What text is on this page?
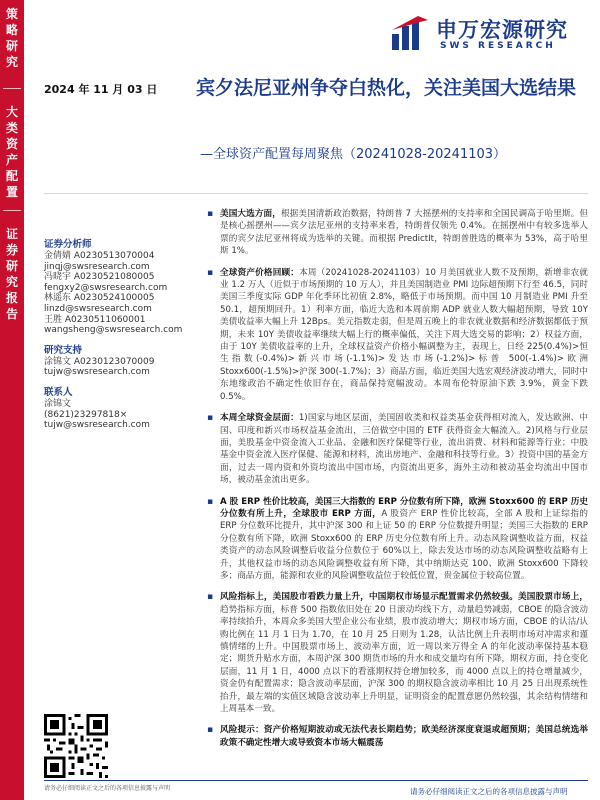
策略研究
大类资产配置
证券研究报告
申万宏源研究
SWS RESEARCH
2024 年 11 月 03 日 宾夕法尼亚州争夺白热化，关注美国大选结果
—全球资产配置每周聚焦（20241028-20241103）
证券分析师
金倩婧 A0230513070004
jinqj@swsresearch.com
冯晓宇 A0230521080005
fengxy2@swsresearch.com
林遥东 A0230524100005
linzd@swsresearch.com
王胜 A0230511060001
wangsheng@swsresearch.com
研究支持
涂锦文 A0230123070009
tujw@swsresearch.com
联系人
涂锦文
(8621)23297818×
tujw@swsresearch.com
▪ 美国大选方面，根据美国清新政治数据，特朗普 7 大摇摆州的支持率和全国民调高于哈里斯。但是核心摇摆州——宾夕法尼亚州的支持率来看，特朗普仅领先 0.4%。在摇摆州中有较多选举人票的宾夕法尼亚州将成为选举的关键。而根据 PredictIt，特朗普胜选的概率为 53%，高于哈里斯 1%。
▪ 全球资产价格回顾：本周（20241028-20241103）10 月美国就业人数不及预期，新增非农就业 1.2 万人（近似于市场预期的 10 万人），并且美国制造业 PMI 边际超预期下行至 46.5，同时美国三季度实际 GDP 年化季环比初值 2.8%，略低于市场预期。而中国 10 月制造业 PMI 升至 50.1，超预期回升。1）利率方面，临近大选和本周前期 ADP 就业人数大幅超预期，导致 10Y 美债收益率大幅上升 12Bps。美元指数走弱，但是周五晚上的非农就业数据和经济数据都低于预期，未来 10Y 美债收益率继续大幅上行的概率偏低，关注下周大选交易的影响；2）权益方面，由于 10Y 美债收益率的上升，全球权益资产价格小幅调整为主，表现上，日经 225(0.4%)>恒生指数(-0.4%)>新兴市场(-1.1%)>发达市场(-1.2%)>标普 500(-1.4%)>欧洲 Stoxx600(-1.5%)>沪深 300(-1.7%)；3）商品方面，临近美国大选宏观经济波动增大，同时中东地缘政治不确定性依旧存在，商品保持宽幅波动。本周布伦特原油下跌 3.9%，黄金下跌 0.5%。
▪ 本周全球资金层面：1)国家与地区层面，美国固收类和权益类基金获得相对流入，发达欧洲、中国、印度和新兴市场权益基金流出，三倍做空中国的 ETF 获得资金大幅流入。2)风格与行业层面，美股基金中资金流入工业品、金融和医疗保健等行业，流出消费、材料和能源等行业；中股基金中资金流入医疗保健、能源和材料，流出房地产、金融和科技等行业。3）投资中国的基金方面，过去一周内资和外资均流出中国市场，内资流出更多，海外主动和被动基金均流出中国市场，被动基金流出更多。
▪ A 股 ERP 性价比较高，美国三大指数的 ERP 分位数有所下降，欧洲 Stoxx600 的 ERP 历史分位数有所上升，全球股市 ERP 方面，A 股资产 ERP 性价比较高，全部 A 股和上证综指的 ERP 分位数环比提升，其中沪深 300 和上证 50 的 ERP 分位数提升明显；美国三大指数的 ERP 分位数有所下降，欧洲 Stoxx600 的 ERP 历史分位数有所上升。动态风险调整收益方面，权益类资产的动态风险调整后收益分位数位于 60%以上，除去发达市场的动态风险调整收益略有上升，其他权益市场的动态风险调整收益有所下降，其中纳斯达克 100、欧洲 Stoxx600 下降较多；商品方面，能源和农业的风险调整收益位于较低位置，贵金属位于较高位置。
▪ 风险指标上，美国股市看跌力量上升，中国期权市场显示配置需求仍然较强。美国股票市场上，趋势指标方面，标普 500 指数依旧处在 20 日滚动均线下方，动量趋势减弱，CBOE 的隐含波动率持续抬升，本周众多美国大型企业公布业绩，股市波动增大；期权市场方面，CBOE 的认沽/认购比例在 11 月 1 日为 1.70，在 10 月 25 日则为 1.28，认沽比例上升表明市场对冲需求和谨慎情绪的上升。中国股票市场上，波动率方面，近一周以来万得全 A 的年化波动率保持基本稳定；期货升贴水方面，本周沪深 300 期货市场的升水和成交量均有所下降，期权方面，持仓变化层面，11 月 1 日，4000 点以下的看涨期权持仓增加较多，而 4000 点以上的持仓增量减少，资金仍有配置需求；隐含波动率层面，沪深 300 的期权隐含波动率相比 10 月 25 日出现系统性抬升，最左端的实值区域隐含波动率上升明显，证明资金的配置意愿仍然较强，其余结构情绪和上周基本一致。
▪ 风险提示：资产价格短期波动或无法代表长期趋势；欧美经济深度衰退或超预期；美国总统选举政策不确定性增大或导致资本市场大幅震荡
请务必仔细阅读正文之后的各项信息披露与声明	请务必仔细阅读正文之后的各项信息披露与声明
